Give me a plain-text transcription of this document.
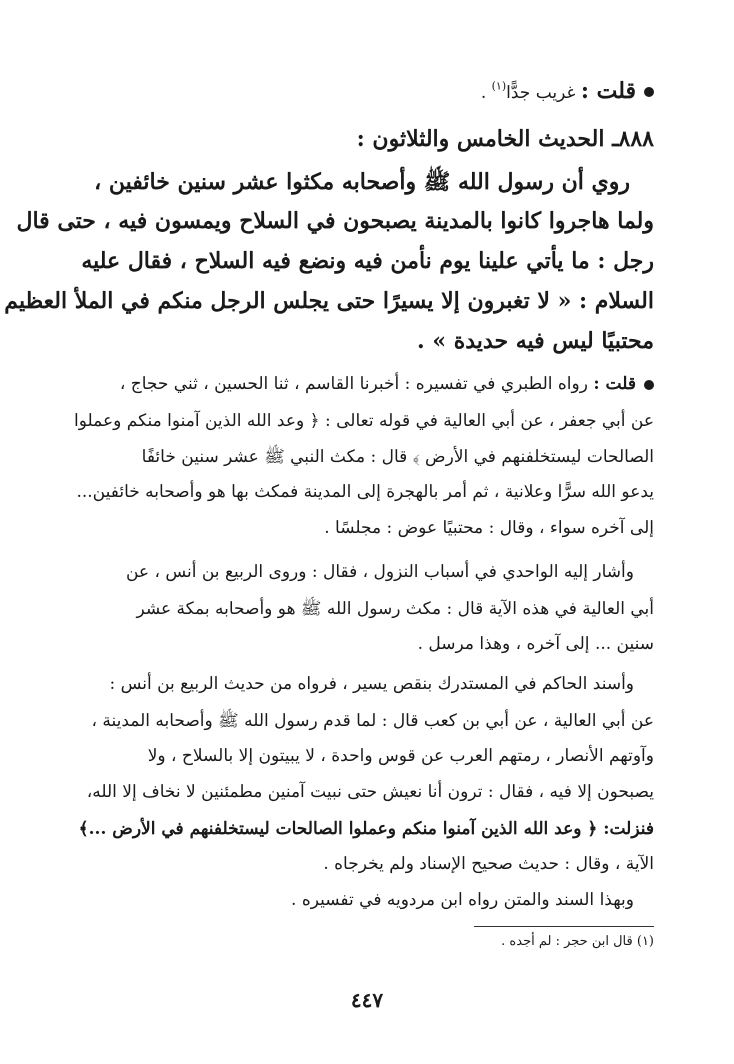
قلت : غريب جدًّا$^{(١)}$ .
٨٨٨ـ الحديث الخامس والثلاثون :
روي أن رسول الله ﷺ وأصحابه مكثوا عشر سنين خائفين ،
ولما هاجروا كانوا بالمدينة يصبحون في السلاح ويمسون فيه ، حتى قال
رجل : ما يأتي علينا يوم نأمن فيه ونضع فيه السلاح ، فقال عليه
السلام : « لا تغبرون إلا يسيرًا حتى يجلس الرجل منكم في الملأ العظيم
محتبيًا ليس فيه حديدة » .
قلت : رواه الطبري في تفسيره : أخبرنا القاسم ، ثنا الحسين ، ثني حجاج ،
عن أبي جعفر ، عن أبي العالية في قوله تعالى : ﴿ وعد الله الذين آمنوا منكم وعملوا
الصالحات ليستخلفنهم في الأرض ﴾ قال : مكث النبي ﷺ عشر سنين خائفًا
يدعو الله سرًّا وعلانية ، ثم أمر بالهجرة إلى المدينة فمكث بها هو وأصحابه خائفين...
إلى آخره سواء ، وقال : محتبيًا عوض : مجلسًا .
وأشار إليه الواحدي في أسباب النزول ، فقال : وروى الربيع بن أنس ، عن
أبي العالية في هذه الآية قال : مكث رسول الله ﷺ هو وأصحابه بمكة عشر
سنين ... إلى آخره ، وهذا مرسل .
وأسند الحاكم في المستدرك بنقص يسير ، فرواه من حديث الربيع بن أنس :
عن أبي العالية ، عن أبي بن كعب قال : لما قدم رسول الله ﷺ وأصحابه المدينة ،
وآوتهم الأنصار ، رمتهم العرب عن قوس واحدة ، لا يبيتون إلا بالسلاح ، ولا
يصبحون إلا فيه ، فقال : ترون أنا نعيش حتى نبيت آمنين مطمئنين لا نخاف إلا الله،
فنزلت: ﴿ وعد الله الذين آمنوا منكم وعملوا الصالحات ليستخلفنهم في الأرض ...﴾
الآية ، وقال : حديث صحيح الإسناد ولم يخرجاه .
وبهذا السند والمتن رواه ابن مردويه في تفسيره .
(١) قال ابن حجر : لم أجده .
٤٤٧
